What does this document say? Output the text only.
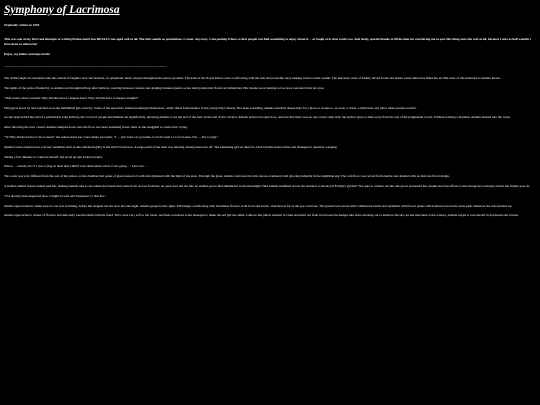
Symphony of Lacrimosa
Originally written in 1995
This was one of my first real attempts at writing fiction and it has REALLY not aged well at all. The title sounds so pretentious, I swear. Anyways, I am posting it here so that people can find something to enjoy about it. . .or laugh at it, that works too. And lastly, special thanks to Pichi-chan for convincing me to post this thing onto the web at all, because I sure as hell wouldn't have done so otherwise!
Enjoy, my fellow netscape nerds!
----------------------------------------------------------------------------------------------------------------------------------------------------
The chilled night air resonated with the sounds of laughter and conversation, as symphonic music played throughout the palace grounds. The halls of the Royal Palace were overflowing with the rich and powerful, busy making toasts to their wealth. The heavenly scent of freshly served foods and tender sweet delicacies filled the air. But none of this mattered to Amelia Rosen.
The sights of the palace flashed by as Amelia ran through hallway after hallway, weaving between couples and dodging drunken guests as her dark golden hair flared out behind her. Her cheeks were burning red as tears cascaded from her eyes.
"This wasn't what I wanted. Why did this have to happen here? Why did this have to happen tonight?"
Partygoers stood by and watched on as the humiliated girl raced by. Some of the spectators chattered amongst themselves, while others found humor in the young lady's misery. Her heart pounding, Amelia searched desperately for a place to escape to. A room, a closet, a bathroom, any place where people weren't.
As she approached the end of a particularly long hallway, the crowd of people had thinned out significantly, allowing Amelia to see the end of the hall. At the end of the corridor, Amelia noticed an open door, and saw that there was no one on the other side: the perfect place to hide away from the rest of the judgmental crowd. Without wasting a moment, Amelia ducked into the room.
After throwing the door closed, Amelia slumped down onto the floor, her heart pounding in her chest as she struggled to control her crying.
"W-Why did he h-have to be so mean" she asked aloud, her voice shaky and quiet. "I. . . just want t-to go home. I-I don't want t-t-to be h-here. I'm. . . I'm so ugly."
Amelia's tears rained down over her vermilion skirt as she clutched tightly at the skirt's black lace. A large patch of her skirt was missing, having been torn off. The lamenting girl sat there for what felt like hours before she managed to quell her weeping.
Taking a few minutes to compose herself, she stood up and looked around.
Where. . . exactly am I? I was crying so hard that I didn't even think about where I was going. . . I just ran. . .
The room was very different from the rest of the palace, as the chamber had panes of glass instead of walls that glistened with the light of the stars. Through the glass, Amelia could see the twin moons overhead, both glowing defiantly in the nighttime sky. The cold floor was carved from marble and detailed with an intricate floral design.
A sudden chilled breeze rushed past her, making Amelia turn to see where the breeze had come from. Across from her, an open door led out into an endless grove that shimmered in the moonlight. Had Amelia stumbled across the entrance to the Royal Family's garden? The urge to venture out into the grove possessed her, despite her best efforts to discourage her curiosity, before she finally gave in.
"I've already been disgraced here. I might as well add 'trespasser' to that list."
Amelia spun around to make sure no one was watching, before she stepped out the door into the night. Amelia gasped at the sight. Tall hedges overflowing with boundless flowers, both local and exotic, stretched as far as the eye could see. The ground was paved with cobblestone bricks and sprinkled with flower petals which danced across the stone path whenever the wind picked up.
Amelia approached a cluster of flowers and delicately touched them with her hand. They were very soft to the touch, and their wondrous scent managed to make the sad girl her smile. Lattices and pillars masked in vines stretched out from in between the hedges like arms reaching out to embrace the sky. As she marveled at the scenery, Amelia began to lose herself in daydream and reverie.
